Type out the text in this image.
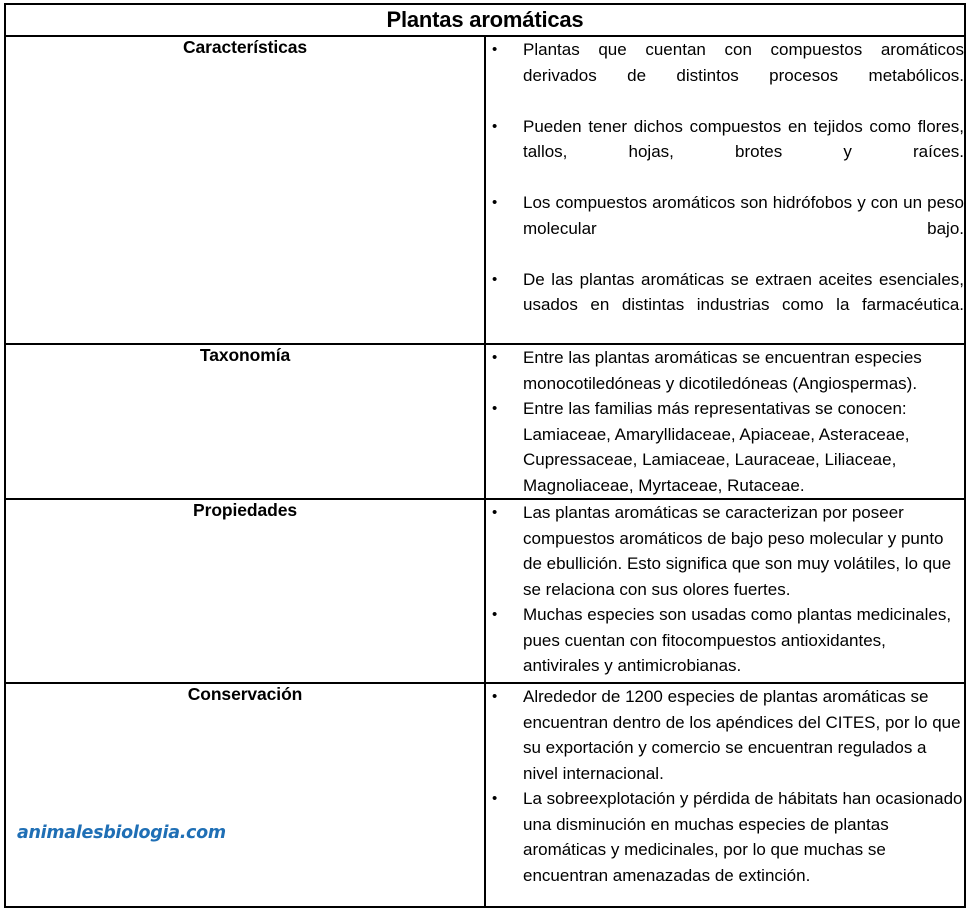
Plantas aromáticas	

Características	• Plantas que cuentan con compuestos aromáticos derivados de distintos procesos metabólicos.
• Pueden tener dichos compuestos en tejidos como flores, tallos, hojas, brotes y raíces.
• Los compuestos aromáticos son hidrófobos y con un peso molecular bajo.
• De las plantas aromáticas se extraen aceites esenciales, usados en distintas industrias como la farmacéutica.

Taxonomía	• Entre las plantas aromáticas se encuentran especies monocotiledóneas y dicotiledóneas (Angiospermas).
• Entre las familias más representativas se conocen: Lamiaceae, Amaryllidaceae, Apiaceae, Asteraceae, Cupressaceae, Lamiaceae, Lauraceae, Liliaceae, Magnoliaceae, Myrtaceae, Rutaceae.

Propiedades	• Las plantas aromáticas se caracterizan por poseer compuestos aromáticos de bajo peso molecular y punto de ebullición. Esto significa que son muy volátiles, lo que se relaciona con sus olores fuertes.
• Muchas especies son usadas como plantas medicinales, pues cuentan con fitocompuestos antioxidantes, antivirales y antimicrobianas.

Conservación	• Alrededor de 1200 especies de plantas aromáticas se encuentran dentro de los apéndices del CITES, por lo que su exportación y comercio se encuentran regulados a nivel internacional.
• La sobreexplotación y pérdida de hábitats han ocasionado una disminución en muchas especies de plantas aromáticas y medicinales, por lo que muchas se encuentran amenazadas de extinción.
animalesbiologia.com
